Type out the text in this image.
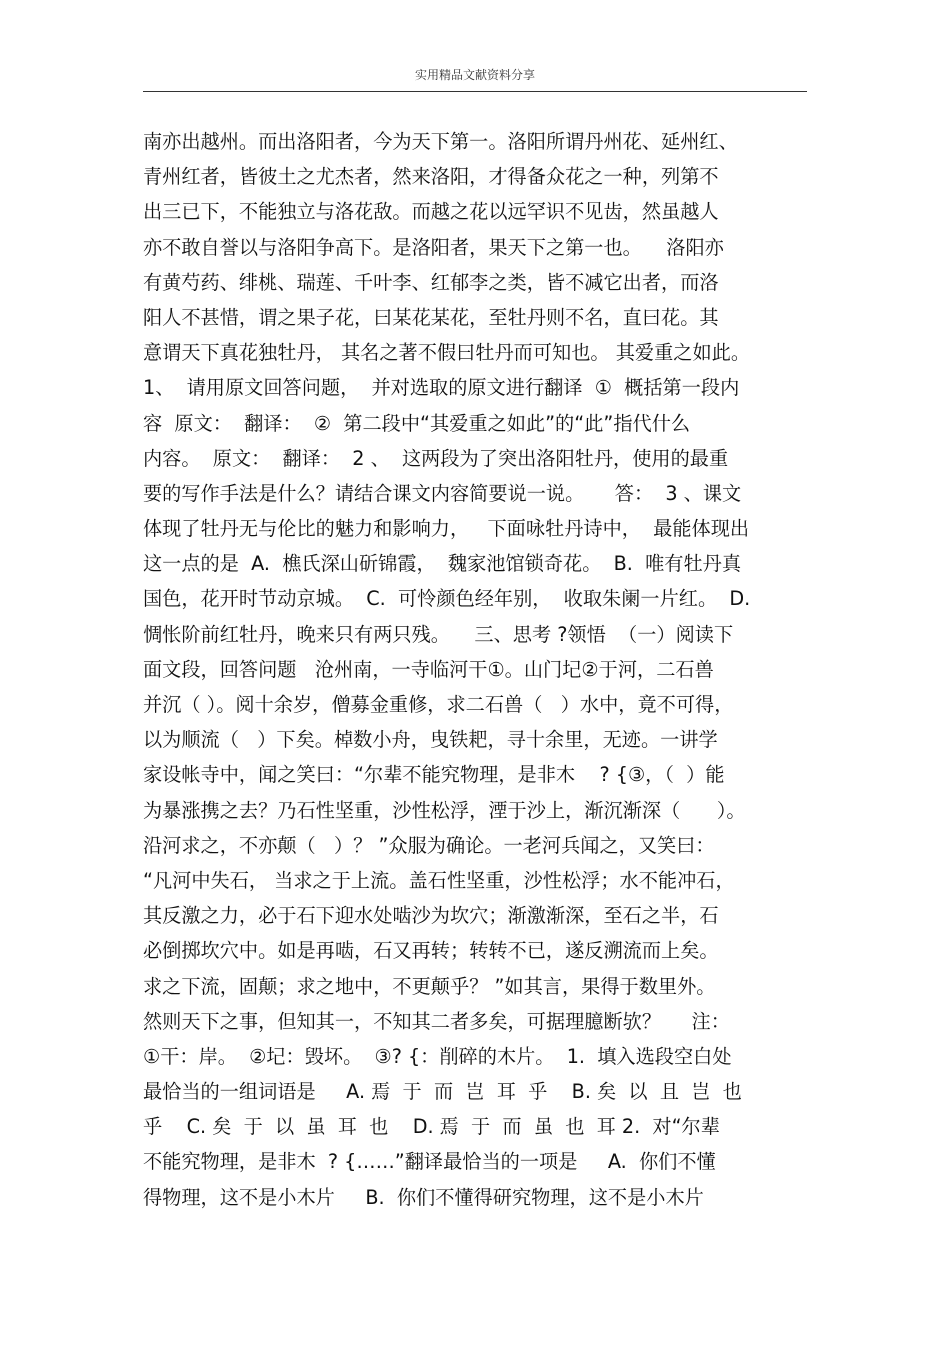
实用精品文献资料分享
南亦出越州。而出洛阳者，今为天下第一。洛阳所谓丹州花、延州红、
青州红者，皆彼土之尤杰者，然来洛阳，才得备众花之一种，列第不
出三已下，不能独立与洛花敌。而越之花以远罕识不见齿，然虽越人
亦不敢自誉以与洛阳争高下。是洛阳者，果天下之第一也。    洛阳亦
有黄芍药、绯桃、瑞莲、千叶李、红郁李之类，皆不减它出者，而洛
阳人不甚惜，谓之果子花，曰某花某花，至牡丹则不名，直曰花。其
意谓天下真花独牡丹， 其名之著不假曰牡丹而可知也。 其爱重之如此。
1、  请用原文回答问题，  并对选取的原文进行翻译  ①  概括第一段内
容  原文：  翻译：  ②  第二段中“其爱重之如此”的“此”指代什么
内容。  原文：  翻译：  2 、  这两段为了突出洛阳牡丹，使用的最重
要的写作手法是什么？请结合课文内容简要说一说。     答：  3 、课文
体现了牡丹无与伦比的魅力和影响力，   下面咏牡丹诗中，  最能体现出
这一点的是  A.  樵氏深山斫锦霞，  魏家池馆锁奇花。  B.  唯有牡丹真
国色，花开时节动京城。  C.  可怜颜色经年别，  收取朱阑一片红。  D.
惆怅阶前红牡丹，晚来只有两只残。    三、思考 ?领悟  （一）阅读下
面文段，回答问题   沧州南，一寺临河干①。山门圮②于河，二石兽
并沉（ ）。阅十余岁，僧募金重修，求二石兽（   ）水中，竟不可得，
以为顺流（   ）下矣。棹数小舟，曳铁耙，寻十余里，无迹。一讲学
家设帐寺中，闻之笑曰：“尔辈不能究物理，是非木    ? {③，（  ）能
为暴涨携之去？乃石性坚重，沙性松浮，湮于沙上，渐沉渐深（      ）。
沿河求之，不亦颠（   ）？ ”众服为确论。一老河兵闻之，又笑曰：
“凡河中失石， 当求之于上流。盖石性坚重，沙性松浮；水不能冲石，
其反激之力，必于石下迎水处啮沙为坎穴；渐激渐深，至石之半，石
必倒掷坎穴中。如是再啮，石又再转；转转不已，遂反溯流而上矣。
求之下流，固颠；求之地中，不更颠乎？ ”如其言，果得于数里外。
然则天下之事，但知其一，不知其二者多矣，可据理臆断欤？     注：
①干：岸。  ②圮：毁坏。  ③? {：削碎的木片。  1.  填入选段空白处
最恰当的一组词语是     A. 焉  于  而  岂  耳  乎    B. 矣  以  且  岂  也
乎    C. 矣  于  以  虽  耳  也    D. 焉  于  而  虽  也  耳 2.  对“尔辈
不能究物理，是非木  ? {……”翻译最恰当的一项是     A.  你们不懂
得物理，这不是小木片     B.  你们不懂得研究物理，这不是小木片
